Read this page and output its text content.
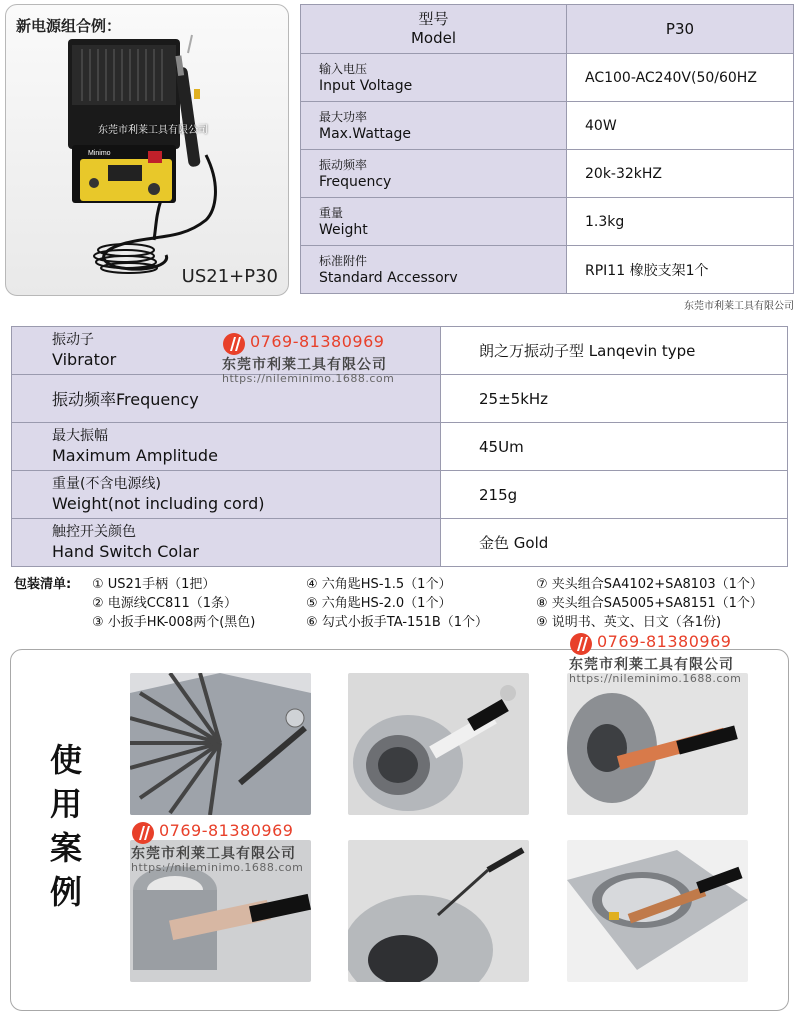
Minimo
新电源组合例：
东莞市利莱工具有限公司
US21+P30
型号
Model	P30

输入电压
Input Voltage	AC100-AC240V(50/60HZ

最大功率
Max.Wattage	40W

振动频率
Frequency	20k-32kHZ

重量
Weight	1.3kg

标准附件
Standard Accessorv	RPI11 橡胶支架1个
东莞市利莱工具有限公司
振动子
Vibrator	朗之万振动子型 Lanqevin type
振动频率Frequency	25±5kHz

最大振幅
Maximum Amplitude	45Um

重量(不含电源线)
Weight(not including cord)	215g

触控开关颜色
Hand Switch Colar	金色 Gold
0769-81380969
东莞市利莱工具有限公司
https://nileminimo.1688.com
包装清单: ① US21手柄（1把）
② 电源线CC811（1条）
③ 小扳手HK-008两个(黑色)
④ 六角匙HS-1.5（1个）
⑤ 六角匙HS-2.0（1个）
⑥ 勾式小扳手TA-151B（1个）
⑦ 夹头组合SA4102+SA8103（1个）
⑧ 夹头组合SA5005+SA8151（1个）
⑨ 说明书、英文、日文（各1份)
使
用
案
例
0769-81380969
东莞市利莱工具有限公司
https://nileminimo.1688.com
0769-81380969
东莞市利莱工具有限公司
https://nileminimo.1688.com
